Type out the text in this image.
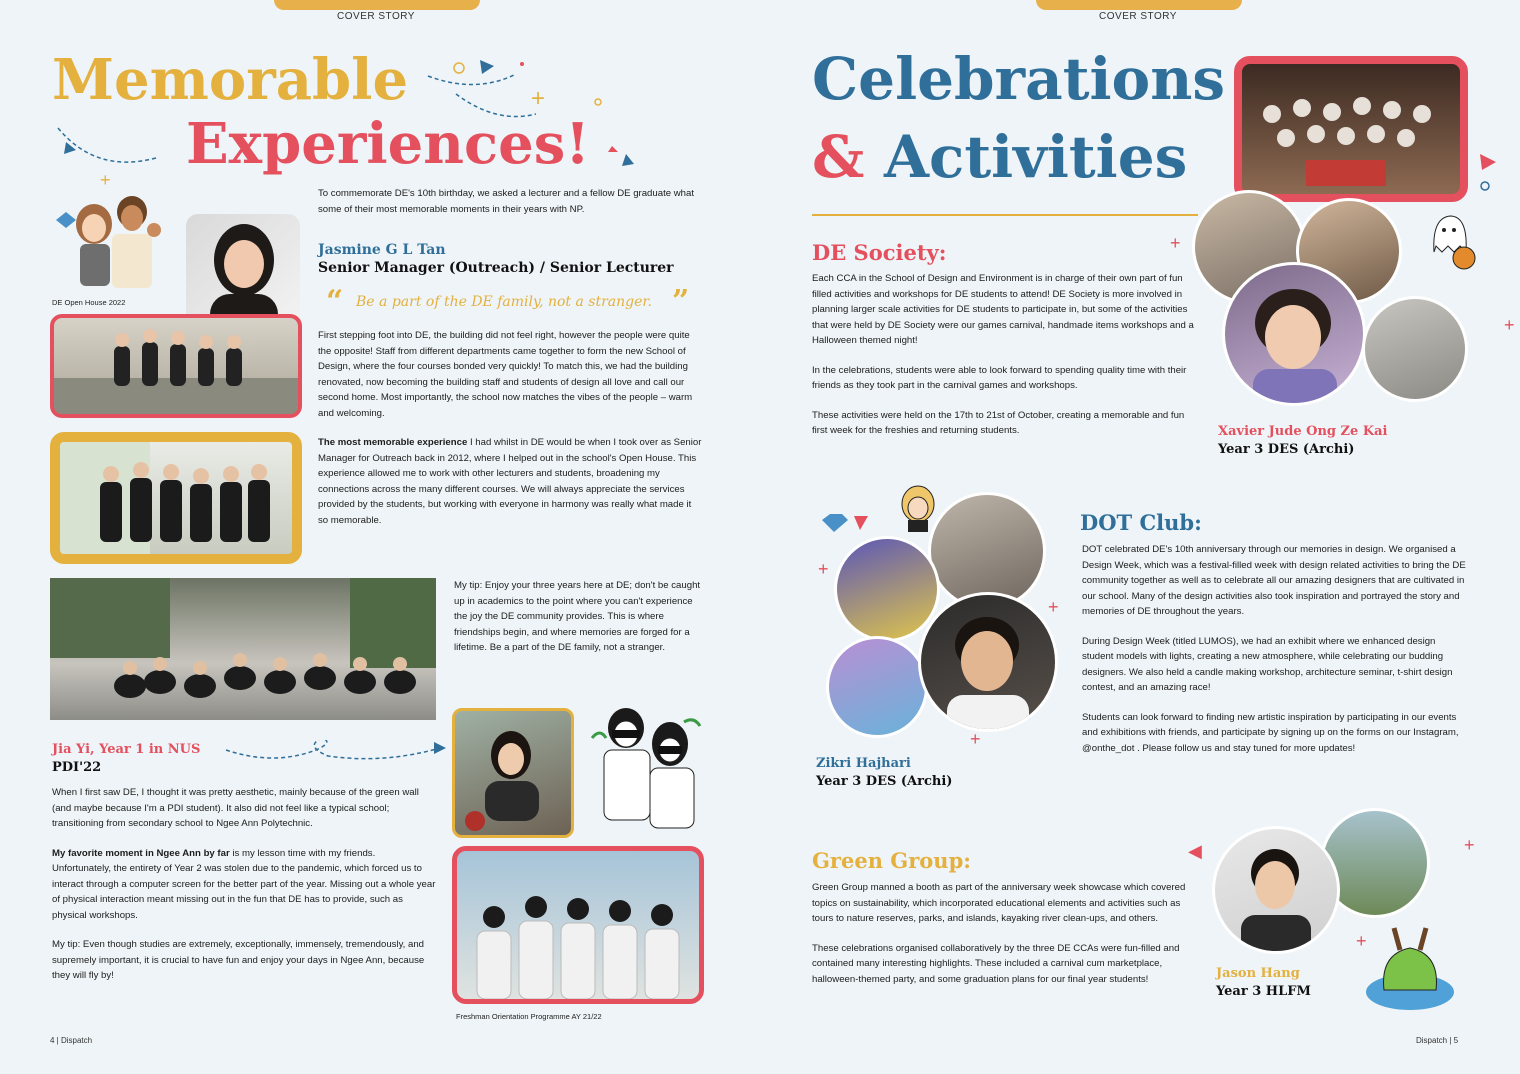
COVER STORY
Memorable
Experiences!
+
+
DE Open House 2022
To commemorate DE's 10th birthday, we asked a lecturer and a fellow DE graduate what some of their most memorable moments in their years with NP.
Jasmine G L Tan
Senior Manager (Outreach) / Senior Lecturer
“ Be a part of the DE family, not a stranger. ”

First stepping foot into DE, the building did not feel right, however the people were quite the opposite! Staff from different departments came together to form the new School of Design, where the four courses bonded very quickly! To match this, we had the building renovated, now becoming the building staff and students of design all love and call our second home. Most importantly, the school now matches the vibes of the people – warm and welcoming.

The most memorable experience I had whilst in DE would be when I took over as Senior Manager for Outreach back in 2012, where I helped out in the school's Open House. This experience allowed me to work with other lecturers and students, broadening my connections across the many different courses. We will always appreciate the services provided by the students, but working with everyone in harmony was really what made it so memorable.

My tip: Enjoy your three years here at DE; don't be caught up in academics to the point where you can't experience the joy the DE community provides. This is where friendships begin, and where memories are forged for a lifetime. Be a part of the DE family, not a stranger.
Jia Yi, Year 1 in NUS
PDI'22

When I first saw DE, I thought it was pretty aesthetic, mainly because of the green wall (and maybe because I'm a PDI student). It also did not feel like a typical school; transitioning from secondary school to Ngee Ann Polytechnic.

My favorite moment in Ngee Ann by far is my lesson time with my friends. Unfortunately, the entirety of Year 2 was stolen due to the pandemic, which forced us to interact through a computer screen for the better part of the year. Missing out a whole year of physical interaction meant missing out in the fun that DE has to provide, such as physical workshops.

My tip: Even though studies are extremely, exceptionally, immensely, tremendously, and supremely important, it is crucial to have fun and enjoy your days in Ngee Ann, because they will fly by!

Freshman Orientation Programme AY 21/22
4 | Dispatch
COVER STORY
Celebrations
& Activities
+
+
DE Society:

Each CCA in the School of Design and Environment is in charge of their own part of fun filled activities and workshops for DE students to attend! DE Society is more involved in planning larger scale activities for DE students to participate in, but some of the activities that were held by DE Society were our games carnival, handmade items workshops and a Halloween themed night!

In the celebrations, students were able to look forward to spending quality time with their friends as they took part in the carnival games and workshops.

These activities were held on the 17th to 21st of October, creating a memorable and fun first week for the freshies and returning students.	Xavier Jude Ong Ze Kai
Year 3 DES (Archi)
+
+
+
DOT Club:

DOT celebrated DE's 10th anniversary through our memories in design. We organised a Design Week, which was a festival-filled week with design related activities to bring the DE community together as well as to celebrate all our amazing designers that are cultivated in our school. Many of the design activities also took inspiration and portrayed the story and memories of DE throughout the years.

During Design Week (titled LUMOS), we had an exhibit where we enhanced design student models with lights, creating a new atmosphere, while celebrating our budding designers. We also held a candle making workshop, architecture seminar, t-shirt design contest, and an amazing race!

Students can look forward to finding new artistic inspiration by participating in our events and exhibitions with friends, and participate by signing up on the forms on our Instagram, @onthe_dot . Please follow us and stay tuned for more updates!

Zikri Hajhari
Year 3 DES (Archi)
Green Group:

Green Group manned a booth as part of the anniversary week showcase which covered topics on sustainability, which incorporated educational elements and activities such as tours to nature reserves, parks, and islands, kayaking river clean-ups, and others.

These celebrations organised collaboratively by the three DE CCAs were fun-filled and contained many interesting highlights. These included a carnival cum marketplace, halloween-themed party, and some graduation plans for our final year students!

◀	+
+
Jason Hang
Year 3 HLFM
Dispatch | 5
